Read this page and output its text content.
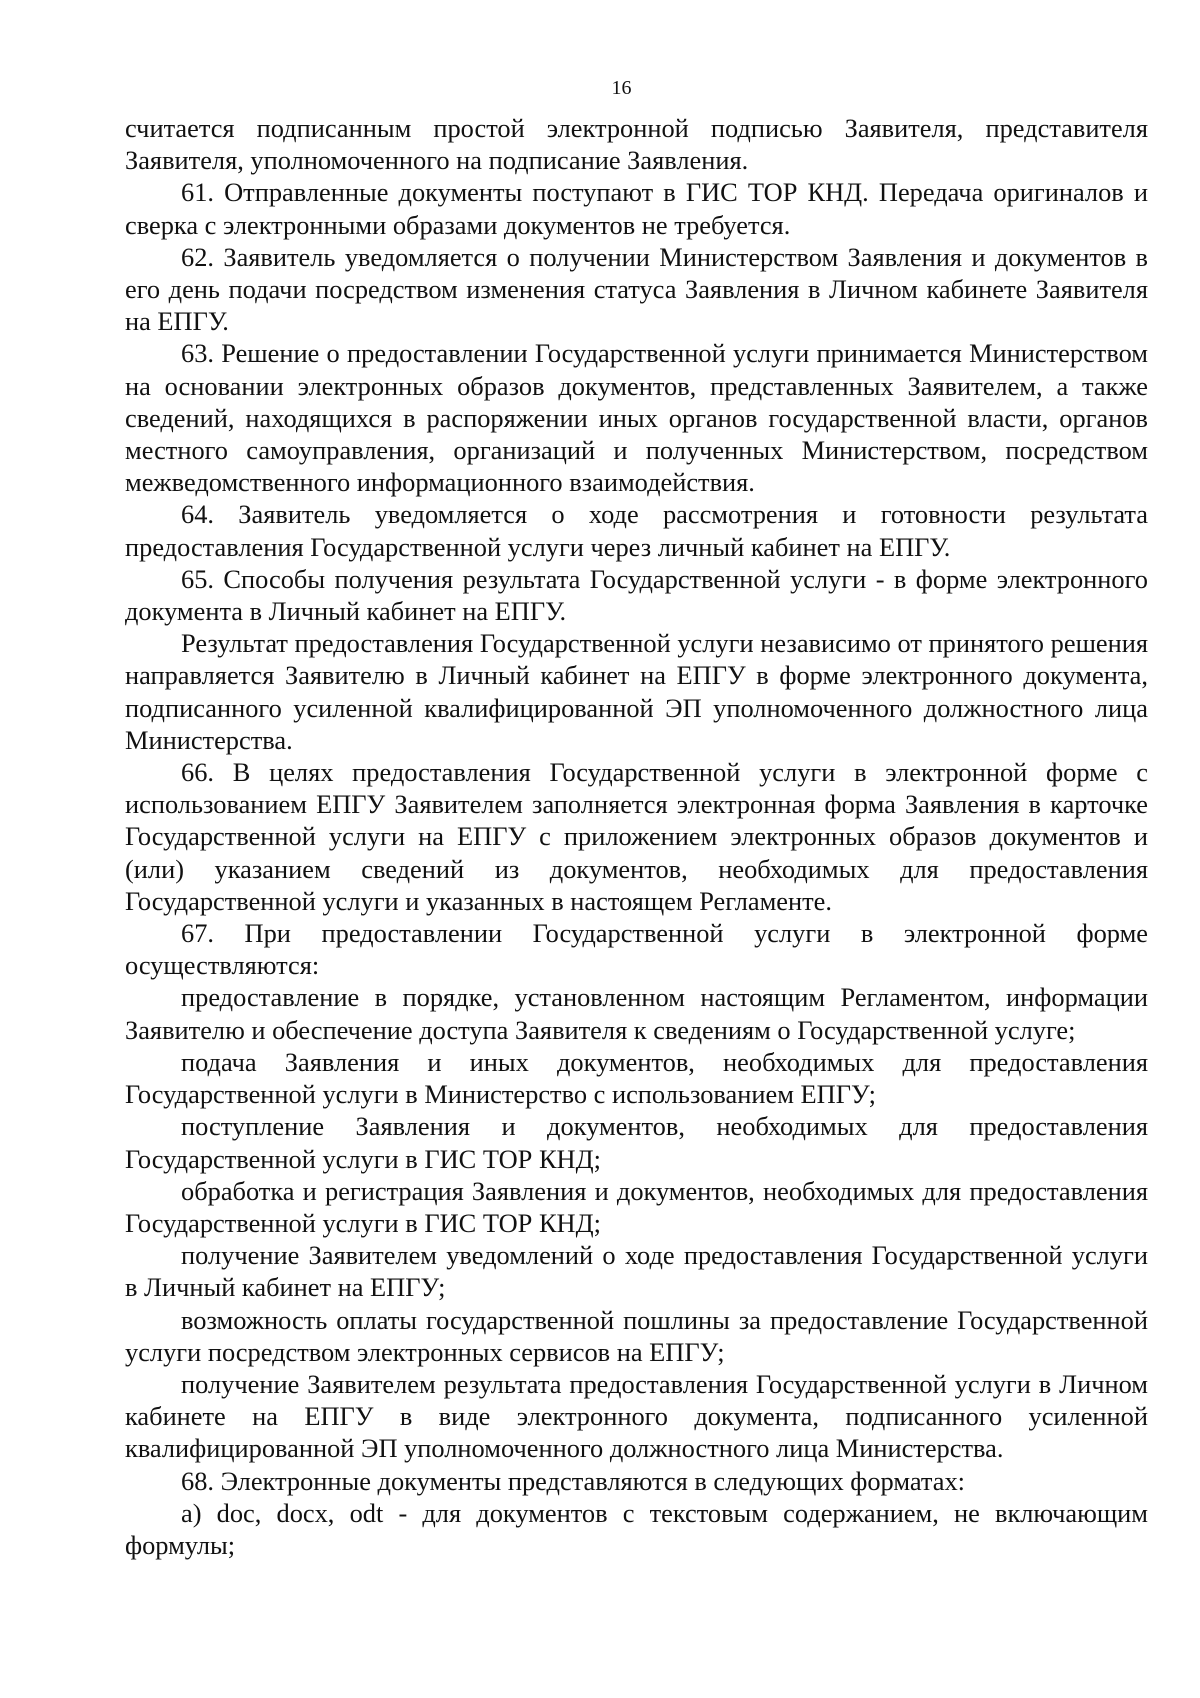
16

считается подписанным простой электронной подписью Заявителя, представителя Заявителя, уполномоченного на подписание Заявления.

61. Отправленные документы поступают в ГИС ТОР КНД. Передача оригиналов и сверка с электронными образами документов не требуется.

62. Заявитель уведомляется о получении Министерством Заявления и документов в его день подачи посредством изменения статуса Заявления в Личном кабинете Заявителя на ЕПГУ.

63. Решение о предоставлении Государственной услуги принимается Министерством на основании электронных образов документов, представленных Заявителем, а также сведений, находящихся в распоряжении иных органов государственной власти, органов местного самоуправления, организаций и полученных Министерством, посредством межведомственного информационного взаимодействия.

64. Заявитель уведомляется о ходе рассмотрения и готовности результата предоставления Государственной услуги через личный кабинет на ЕПГУ.

65. Способы получения результата Государственной услуги - в форме электронного документа в Личный кабинет на ЕПГУ.

Результат предоставления Государственной услуги независимо от принятого решения направляется Заявителю в Личный кабинет на ЕПГУ в форме электронного документа, подписанного усиленной квалифицированной ЭП уполномоченного должностного лица Министерства.

66. В целях предоставления Государственной услуги в электронной форме с использованием ЕПГУ Заявителем заполняется электронная форма Заявления в карточке Государственной услуги на ЕПГУ с приложением электронных образов документов и (или) указанием сведений из документов, необходимых для предоставления Государственной услуги и указанных в настоящем Регламенте.

67. При предоставлении Государственной услуги в электронной форме осуществляются:

предоставление в порядке, установленном настоящим Регламентом, информации Заявителю и обеспечение доступа Заявителя к сведениям о Государственной услуге;

подача Заявления и иных документов, необходимых для предоставления Государственной услуги в Министерство с использованием ЕПГУ;

поступление Заявления и документов, необходимых для предоставления Государственной услуги в ГИС ТОР КНД;

обработка и регистрация Заявления и документов, необходимых для предоставления Государственной услуги в ГИС ТОР КНД;

получение Заявителем уведомлений о ходе предоставления Государственной услуги в Личный кабинет на ЕПГУ;

возможность оплаты государственной пошлины за предоставление Государственной услуги посредством электронных сервисов на ЕПГУ;

получение Заявителем результата предоставления Государственной услуги в Личном кабинете на ЕПГУ в виде электронного документа, подписанного усиленной квалифицированной ЭП уполномоченного должностного лица Министерства.

68. Электронные документы представляются в следующих форматах:

а) doc, docx, odt - для документов с текстовым содержанием, не включающим формулы;
